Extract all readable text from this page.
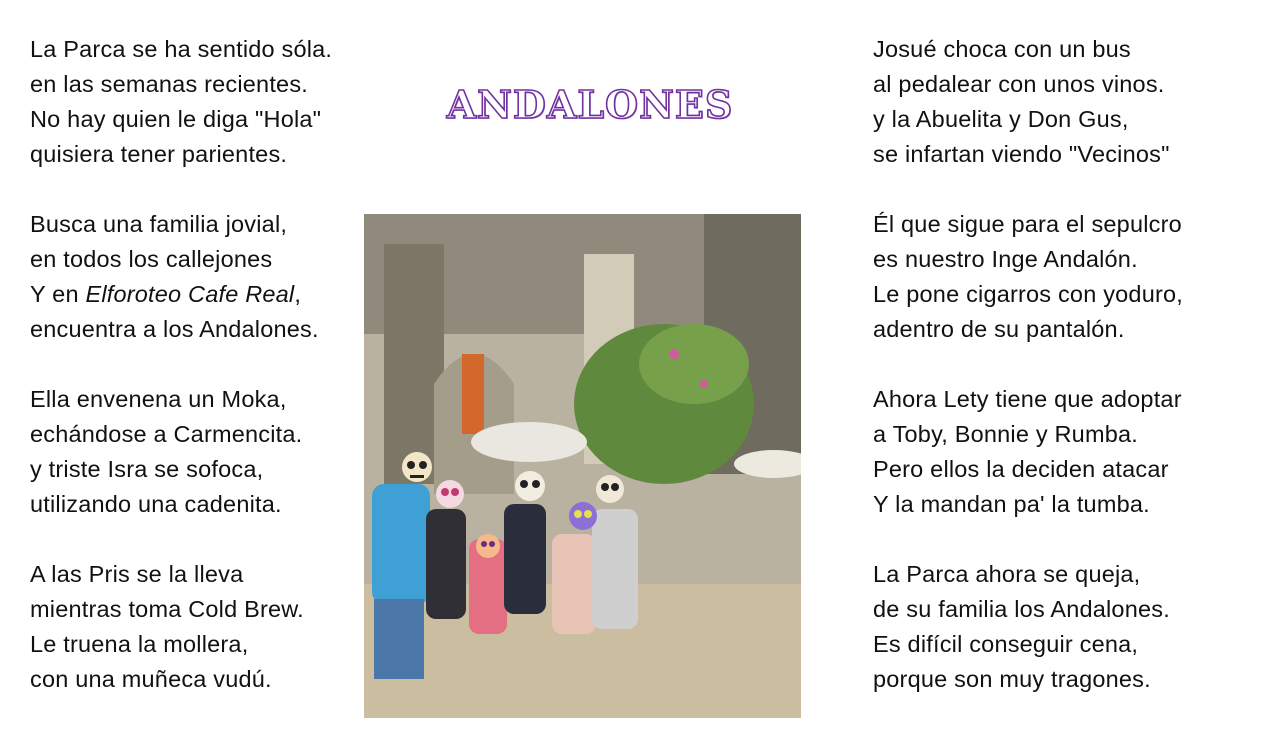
ANDALONES
La Parca se ha sentido sóla.
en las semanas recientes.
No hay quien le diga "Hola"
quisiera tener parientes.
Busca una familia jovial,
en todos los callejones
Y en Elforoteo Cafe Real,
encuentra a los Andalones.
Ella envenena un Moka,
echándose a Carmencita.
y triste Isra se sofoca,
utilizando una cadenita.
A las Pris se la lleva
mientras toma Cold Brew.
Le truena la mollera,
con una muñeca vudú.
Josué choca con un bus
al pedalear con unos vinos.
y la Abuelita y Don Gus,
se infartan viendo "Vecinos"
Él que sigue para el sepulcro
es nuestro Inge Andalón.
Le pone cigarros con yoduro,
adentro de su pantalón.
Ahora Lety tiene que adoptar
a Toby, Bonnie y Rumba.
Pero ellos la deciden atacar
Y la mandan pa' la tumba.
La Parca ahora se queja,
de su familia los Andalones.
Es difícil conseguir cena,
porque son muy tragones.
